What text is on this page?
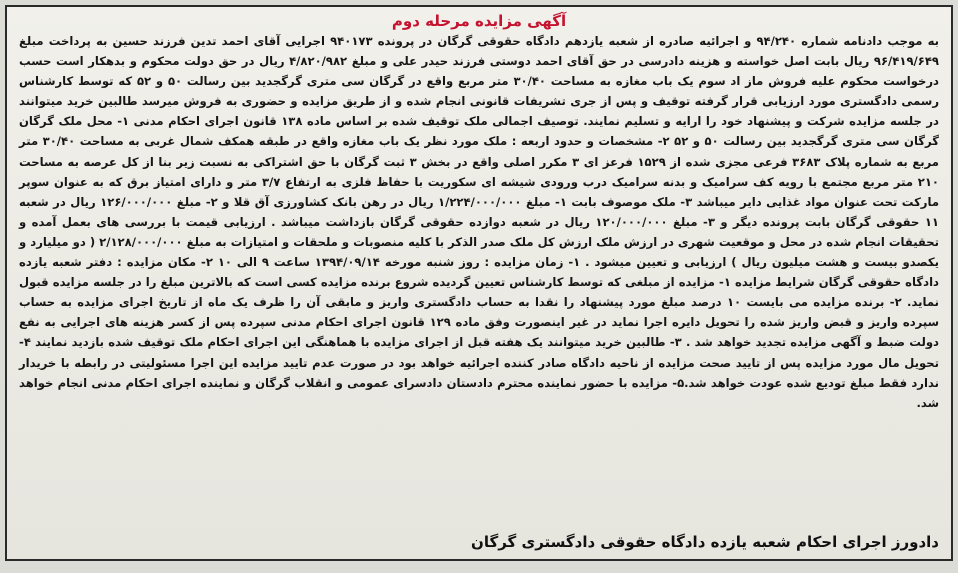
آگهی مزایده مرحله دوم

به موجب دادنامه شماره ۹۴/۲۴۰ و اجرائیه صادره از شعبه یازدهم دادگاه حقوقی گرگان در پرونده ۹۴۰۱۷۳ اجرایی آقای احمد تدین فرزند حسین به پرداخت مبلغ ۹۶/۴۱۹/۶۴۹ ریال بابت اصل خواسته و هزینه دادرسی در حق آقای احمد دوستی فرزند حیدر علی و مبلغ ۴/۸۲۰/۹۸۲ ریال در حق دولت محکوم و بدهکار است حسب درخواست محکوم علیه فروش ماز اد سوم یک باب مغازه به مساحت ۳۰/۴۰ متر مربع واقع در گرگان سی متری گرگجدید بین رسالت ۵۰ و ۵۲ که توسط کارشناس رسمی دادگستری مورد ارزیابی قرار گرفته توقیف و پس از جری تشریفات قانونی انجام شده و از طریق مزایده و حضوری به فروش میرسد طالبین خرید میتوانند در جلسه مزایده شرکت و پیشنهاد خود را ارایه و تسلیم نمایند.

توصیف اجمالی ملک توقیف شده بر اساس ماده ۱۳۸ قانون اجرای احکام مدنی ۱- محل ملک گرگان گرگان سی متری گرگجدید بین رسالت ۵۰ و ۵۲ ۲- مشخصات و حدود اربعه : ملک مورد نظر یک باب مغازه واقع در طبقه همکف شمال غربی به مساحت ۳۰/۴۰ متر مربع به شماره پلاک ۳۶۸۳ فرعی مجزی شده از ۱۵۲۹ فرعز ای ۳ مکرر اصلی واقع در بخش ۳ ثبت گرگان با حق اشتراکی به نسبت زیر بنا از کل عرصه به مساحت ۲۱۰ متر مربع مجتمع با رویه کف سرامیک و بدنه سرامیک درب ورودی شیشه ای سکوریت با حفاظ فلزی به ارتفاع ۳/۷ متر و دارای امتیاز برق که به عنوان سوپر مارکت تحت عنوان مواد غذایی دایر میباشد ۳- ملک موصوف بابت ۱- مبلغ ۱/۲۲۴/۰۰۰/۰۰۰ ریال در رهن بانک کشاورزی آق قلا و ۲- مبلغ ۱۲۶/۰۰۰/۰۰۰ ریال در شعبه ۱۱ حقوقی گرگان بابت پرونده دیگر و ۳- مبلغ ۱۲۰/۰۰۰/۰۰۰ ریال در شعبه دوازده حقوقی گرگان بازداشت میباشد . ارزیابی قیمت با بررسی های بعمل آمده و تحقیقات انجام شده در محل و موقعیت شهری در ارزش ملک ارزش کل ملک صدر الذکر با کلیه منصوبات و ملحقات و امتیازات به مبلغ ۲/۱۲۸/۰۰۰/۰۰۰ ( دو میلیارد و یکصدو بیست و هشت میلیون ریال ) ارزیابی و تعیین میشود . ۱- زمان مزایده : روز شنبه مورخه ۱۳۹۴/۰۹/۱۴ ساعت ۹ الی ۱۰ ۲- مکان مزایده : دفتر شعبه یازده دادگاه حقوقی گرگان شرایط مزایده ۱- مزایده از مبلغی که توسط کارشناس تعیین گردیده شروع برنده مزایده کسی است که بالاترین مبلغ را در جلسه مزایده قبول نماید. ۲- برنده مزایده می بایست ۱۰ درصد مبلغ مورد پیشنهاد را نقدا به حساب دادگستری واریز و مابقی آن را ظرف یک ماه از تاریخ اجرای مزایده به حساب سپرده واریز و قبض واریز شده را تحویل دایره اجرا نماید در غیر اینصورت وفق ماده ۱۲۹ قانون اجرای احکام مدنی سپرده پس از کسر هزینه های اجرایی به نفع دولت ضبط و آگهی مزایده تجدید خواهد شد . ۳- طالبین خرید میتوانند یک هفته قبل از اجرای مزایده با هماهنگی این اجرای احکام ملک توقیف شده بازدید نمایند ۴- تحویل مال مورد مزایده پس از تایید صحت مزایده از ناحیه دادگاه صادر کننده اجرائیه خواهد بود در صورت عدم تایید مزایده این اجرا مسئولیتی در رابطه با خریدار ندارد فقط مبلغ تودیع شده عودت خواهد شد.۵- مزایده با حضور نماینده محترم دادستان دادسرای عمومی و انقلاب گرگان و نماینده اجرای احکام مدنی انجام خواهد شد.

دادورز اجرای احکام شعبه یازده دادگاه حقوقی دادگستری گرگان
